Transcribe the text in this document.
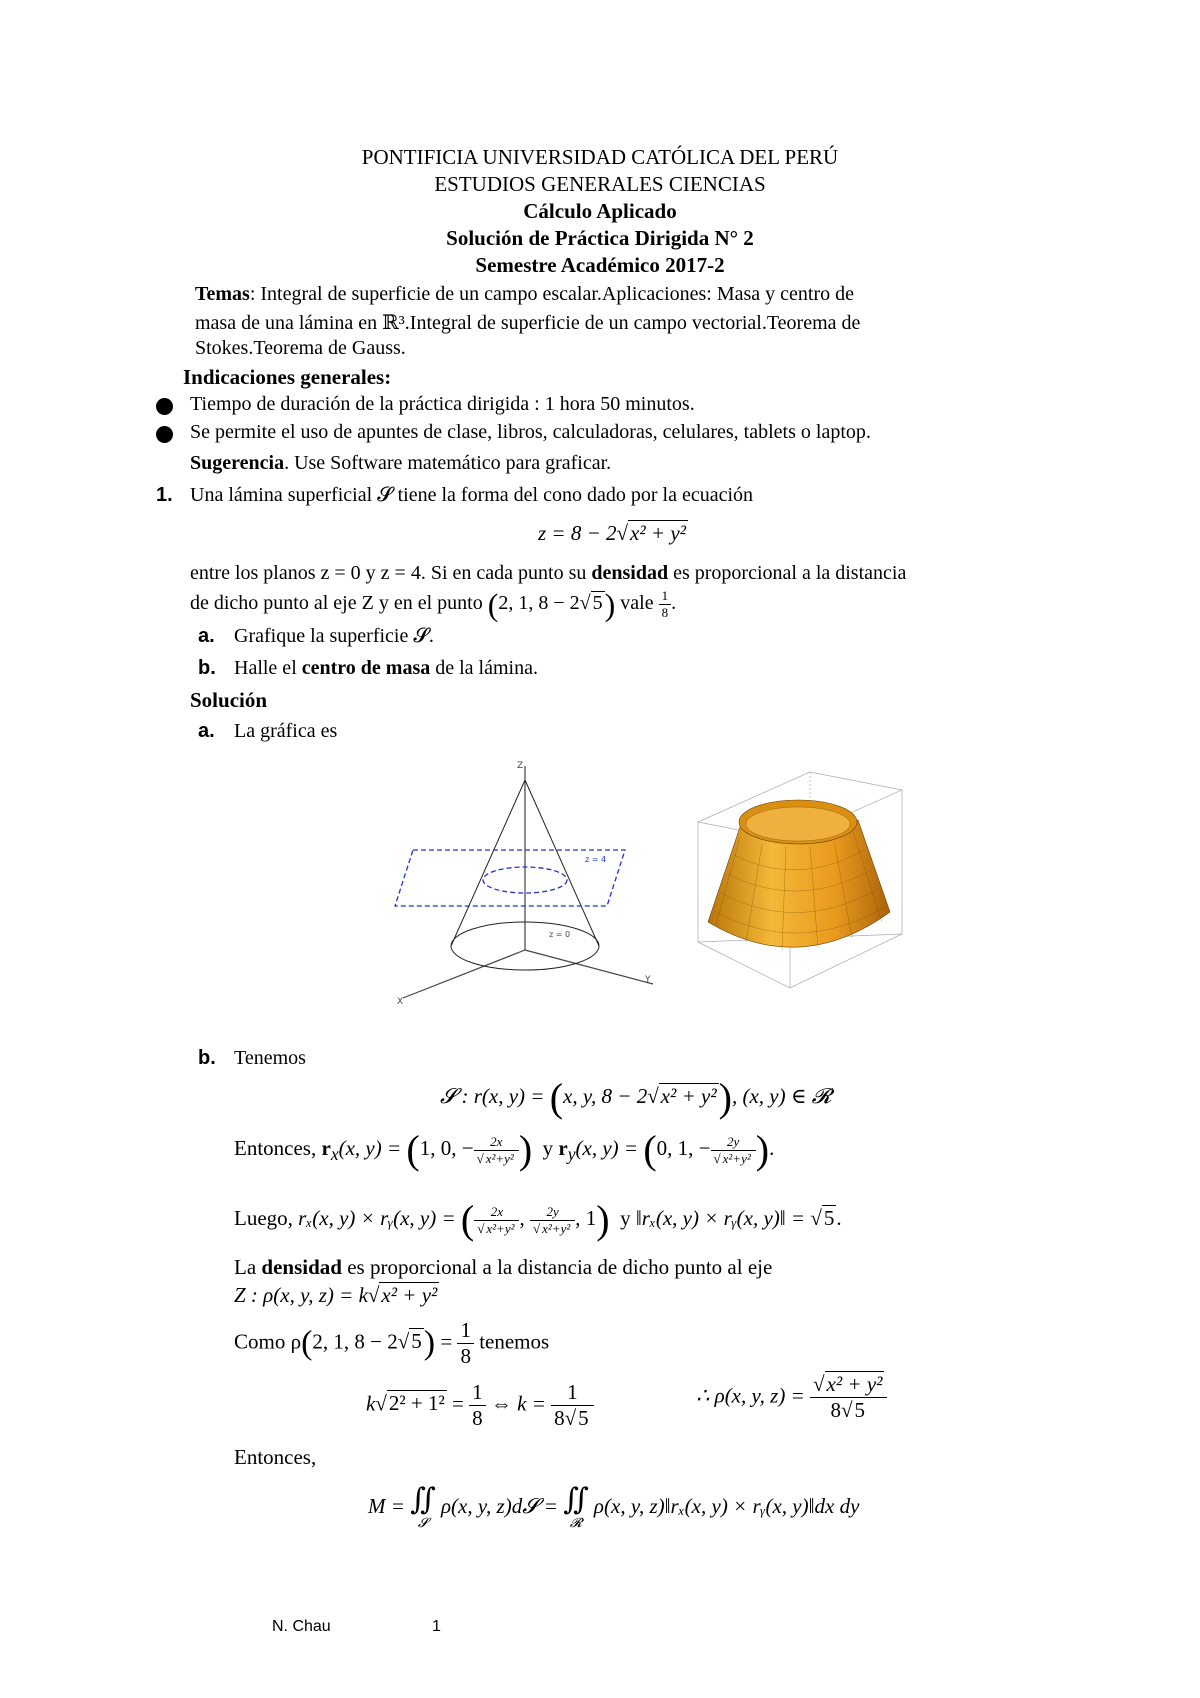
PONTIFICIA UNIVERSIDAD CATÓLICA DEL PERÚ
ESTUDIOS GENERALES CIENCIAS
Cálculo Aplicado
Solución de Práctica Dirigida N° 2
Semestre Académico 2017-2
Temas: Integral de superficie de un campo escalar.Aplicaciones: Masa y centro de
masa de una lámina en ℝ³.Integral de superficie de un campo vectorial.Teorema de
Stokes.Teorema de Gauss.
Indicaciones generales:
Tiempo de duración de la práctica dirigida : 1 hora 50 minutos.
Se permite el uso de apuntes de clase, libros, calculadoras, celulares, tablets o laptop.
Sugerencia. Use Software matemático para graficar.
1. Una lámina superficial 𝓢 tiene la forma del cono dado por la ecuación
z = 8 − 2√x² + y²
entre los planos z = 0 y z = 4. Si en cada punto su densidad es proporcional a la distancia
de dicho punto al eje Z y en el punto (2, 1, 8 − 2√ 5) vale $\frac{1}{8}$ .
a. Grafique la superficie 𝓢.
b. Halle el centro de masa de la lámina.
Solución
a. La gráfica es
Z
X
Y
z = 4
z = 0
b. Tenemos
𝓢 : r(x, y) = (x, y, 8 − 2√x² + y²), (x, y) ∈ 𝓡
Entonces, $r_x(x$, y) = (1, 0, − $\frac{2x}{\text{√ x²+y²}}$ ) y $r_y(x$, y) = (0, 1, − $\frac{2y}{\text{√ x²+y²}}$ ).
Luego, rₓ(x, y) × rᵧ(x, y) = ( $\frac{2x}{\text{√ x²+y²}}$ , $\frac{2y}{\text{√ x²+y²}}$ , 1) y ‖rₓ(x, y) × rᵧ(x, y)‖ = √5.
La densidad es proporcional a la distancia de dicho punto al eje
Z : ρ(x, y, z) = k√x² + y²
Como ρ(2, 1, $8 - 2√5) = \frac{1}{8}$ tenemos
$k√2^2 + 1^2 = \frac{1}{8}$ ⇔ $k = \frac{1}{8√5}$	∴ ρ(x, y, $z) = \frac{\text{√x² + y²}}{8√5}$
Entonces,
M = ∬
𝓢
ρ(x, y, z)d𝓢 = ∬
𝓡
ρ(x, y, z)‖rₓ(x, y) × rᵧ(x, y)‖dx dy
N. Chau	1
